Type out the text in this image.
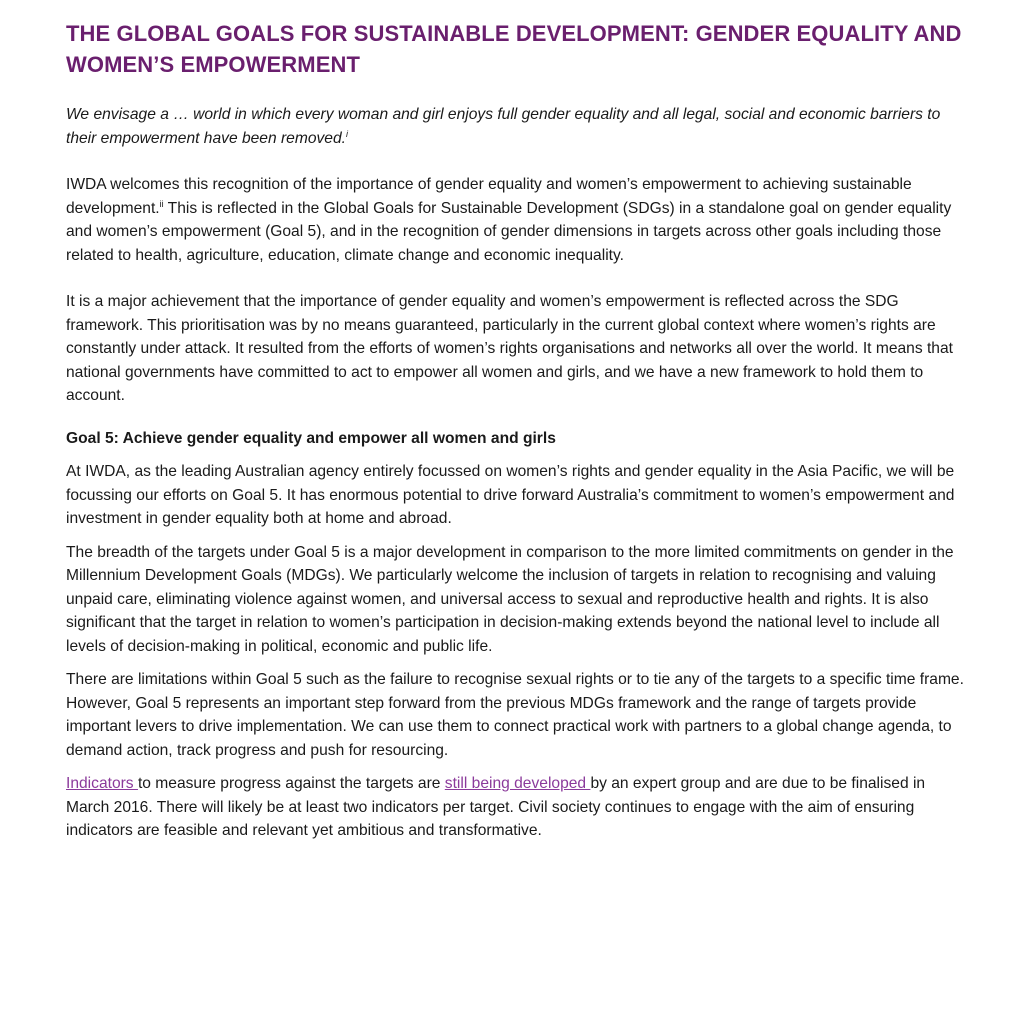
THE GLOBAL GOALS FOR SUSTAINABLE DEVELOPMENT: GENDER EQUALITY AND WOMEN’S EMPOWERMENT

We envisage a … world in which every woman and girl enjoys full gender equality and all legal, social and economic barriers to their empowerment have been removed.$^i$

IWDA welcomes this recognition of the importance of gender equality and women’s empowerment to achieving sustainable development.$^{ii}$ This is reflected in the Global Goals for Sustainable Development (SDGs) in a standalone goal on gender equality and women’s empowerment (Goal 5), and in the recognition of gender dimensions in targets across other goals including those related to health, agriculture, education, climate change and economic inequality.

It is a major achievement that the importance of gender equality and women’s empowerment is reflected across the SDG framework. This prioritisation was by no means guaranteed, particularly in the current global context where women’s rights are constantly under attack. It resulted from the efforts of women’s rights organisations and networks all over the world. It means that national governments have committed to act to empower all women and girls, and we have a new framework to hold them to account.

Goal 5: Achieve gender equality and empower all women and girls

At IWDA, as the leading Australian agency entirely focussed on women’s rights and gender equality in the Asia Pacific, we will be focussing our efforts on Goal 5. It has enormous potential to drive forward Australia’s commitment to women’s empowerment and investment in gender equality both at home and abroad.

The breadth of the targets under Goal 5 is a major development in comparison to the more limited commitments on gender in the Millennium Development Goals (MDGs). We particularly welcome the inclusion of targets in relation to recognising and valuing unpaid care, eliminating violence against women, and universal access to sexual and reproductive health and rights. It is also significant that the target in relation to women’s participation in decision-making extends beyond the national level to include all levels of decision-making in political, economic and public life.

There are limitations within Goal 5 such as the failure to recognise sexual rights or to tie any of the targets to a specific time frame. However, Goal 5 represents an important step forward from the previous MDGs framework and the range of targets provide important levers to drive implementation. We can use them to connect practical work with partners to a global change agenda, to demand action, track progress and push for resourcing.

Indicators to measure progress against the targets are still being developed by an expert group and are due to be finalised in March 2016. There will likely be at least two indicators per target. Civil society continues to engage with the aim of ensuring indicators are feasible and relevant yet ambitious and transformative.
